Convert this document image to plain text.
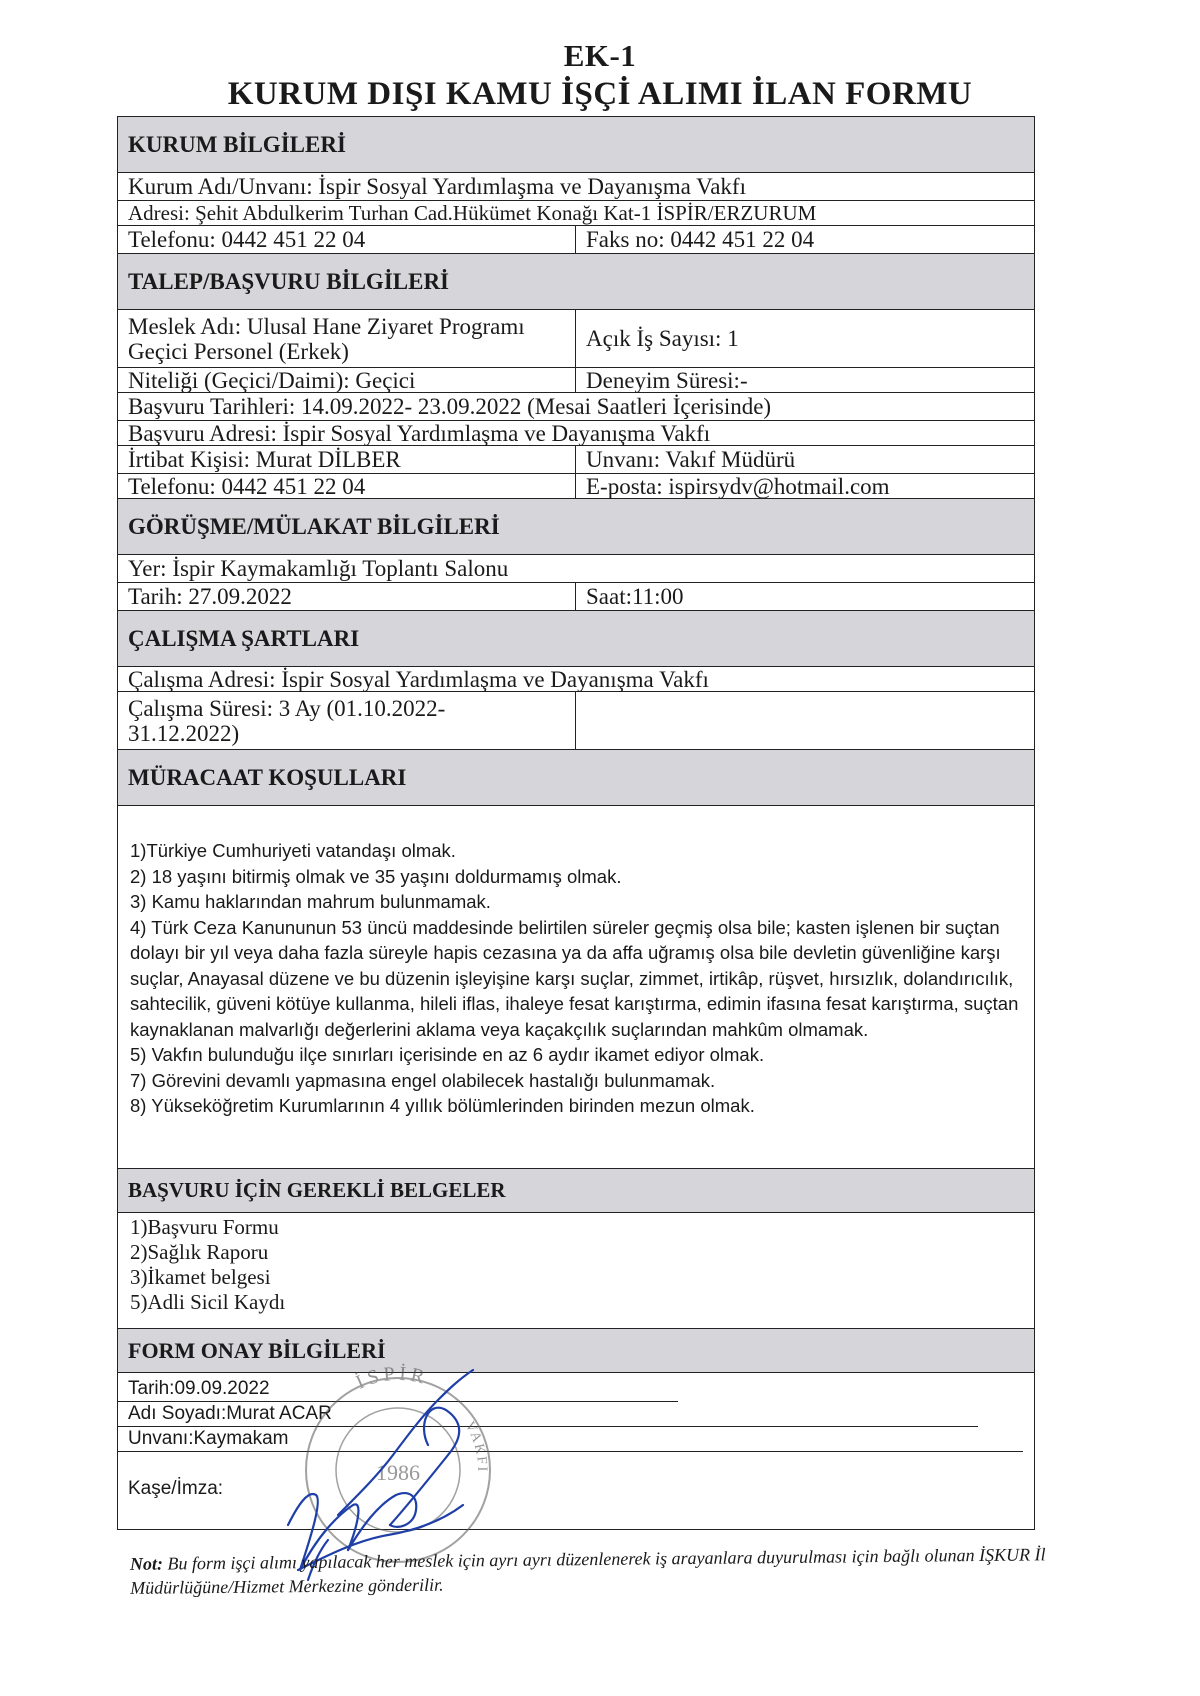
EK-1
KURUM DIŞI KAMU İŞÇİ ALIMI İLAN FORMU
KURUM BİLGİLERİ
Kurum Adı/Unvanı: İspir Sosyal Yardımlaşma ve Dayanışma Vakfı
Adresi: Şehit Abdulkerim Turhan Cad.Hükümet Konağı Kat-1 İSPİR/ERZURUM
Telefonu: 0442 451 22 04	Faks no: 0442 451 22 04
TALEP/BAŞVURU BİLGİLERİ
Meslek Adı: Ulusal Hane Ziyaret Programı
Geçici Personel (Erkek)	Açık İş Sayısı: 1
Niteliği (Geçici/Daimi): Geçici	Deneyim Süresi:-
Başvuru Tarihleri: 14.09.2022- 23.09.2022 (Mesai Saatleri İçerisinde)
Başvuru Adresi: İspir Sosyal Yardımlaşma ve Dayanışma Vakfı
İrtibat Kişisi: Murat DİLBER	Unvanı: Vakıf Müdürü
Telefonu: 0442 451 22 04	E-posta: ispirsydv@hotmail.com
GÖRÜŞME/MÜLAKAT BİLGİLERİ
Yer: İspir Kaymakamlığı Toplantı Salonu
Tarih: 27.09.2022	Saat:11:00
ÇALIŞMA ŞARTLARI
Çalışma Adresi: İspir Sosyal Yardımlaşma ve Dayanışma Vakfı
Çalışma Süresi: 3 Ay (01.10.2022-
31.12.2022)
MÜRACAAT KOŞULLARI
1)Türkiye Cumhuriyeti vatandaşı olmak.
2) 18 yaşını bitirmiş olmak ve 35 yaşını doldurmamış olmak.
3) Kamu haklarından mahrum bulunmamak.
4) Türk Ceza Kanununun 53 üncü maddesinde belirtilen süreler geçmiş olsa bile; kasten işlenen bir suçtan dolayı bir yıl veya daha fazla süreyle hapis cezasına ya da affa uğramış olsa bile devletin güvenliğine karşı suçlar, Anayasal düzene ve bu düzenin işleyişine karşı suçlar, zimmet, irtikâp, rüşvet, hırsızlık, dolandırıcılık, sahtecilik, güveni kötüye kullanma, hileli iflas, ihaleye fesat karıştırma, edimin ifasına fesat karıştırma, suçtan kaynaklanan malvarlığı değerlerini aklama veya kaçakçılık suçlarından mahkûm olmamak.
5) Vakfın bulunduğu ilçe sınırları içerisinde en az 6 aydır ikamet ediyor olmak.
7) Görevini devamlı yapmasına engel olabilecek hastalığı bulunmamak.
8) Yükseköğretim Kurumlarının 4 yıllık bölümlerinden birinden mezun olmak.
BAŞVURU İÇİN GEREKLİ BELGELER
1)Başvuru Formu
2)Sağlık Raporu
3)İkamet belgesi
5)Adli Sicil Kaydı
FORM ONAY BİLGİLERİ
Tarih:09.09.2022
Adı Soyadı:Murat ACAR
Unvanı:Kaymakam
Kaşe/İmza:
İSPİR
VAKFI
1986
Not: Bu form işçi alımı yapılacak her meslek için ayrı ayrı düzenlenerek iş arayanlara duyurulması için bağlı olunan İŞKUR İl Müdürlüğüne/Hizmet Merkezine gönderilir.
